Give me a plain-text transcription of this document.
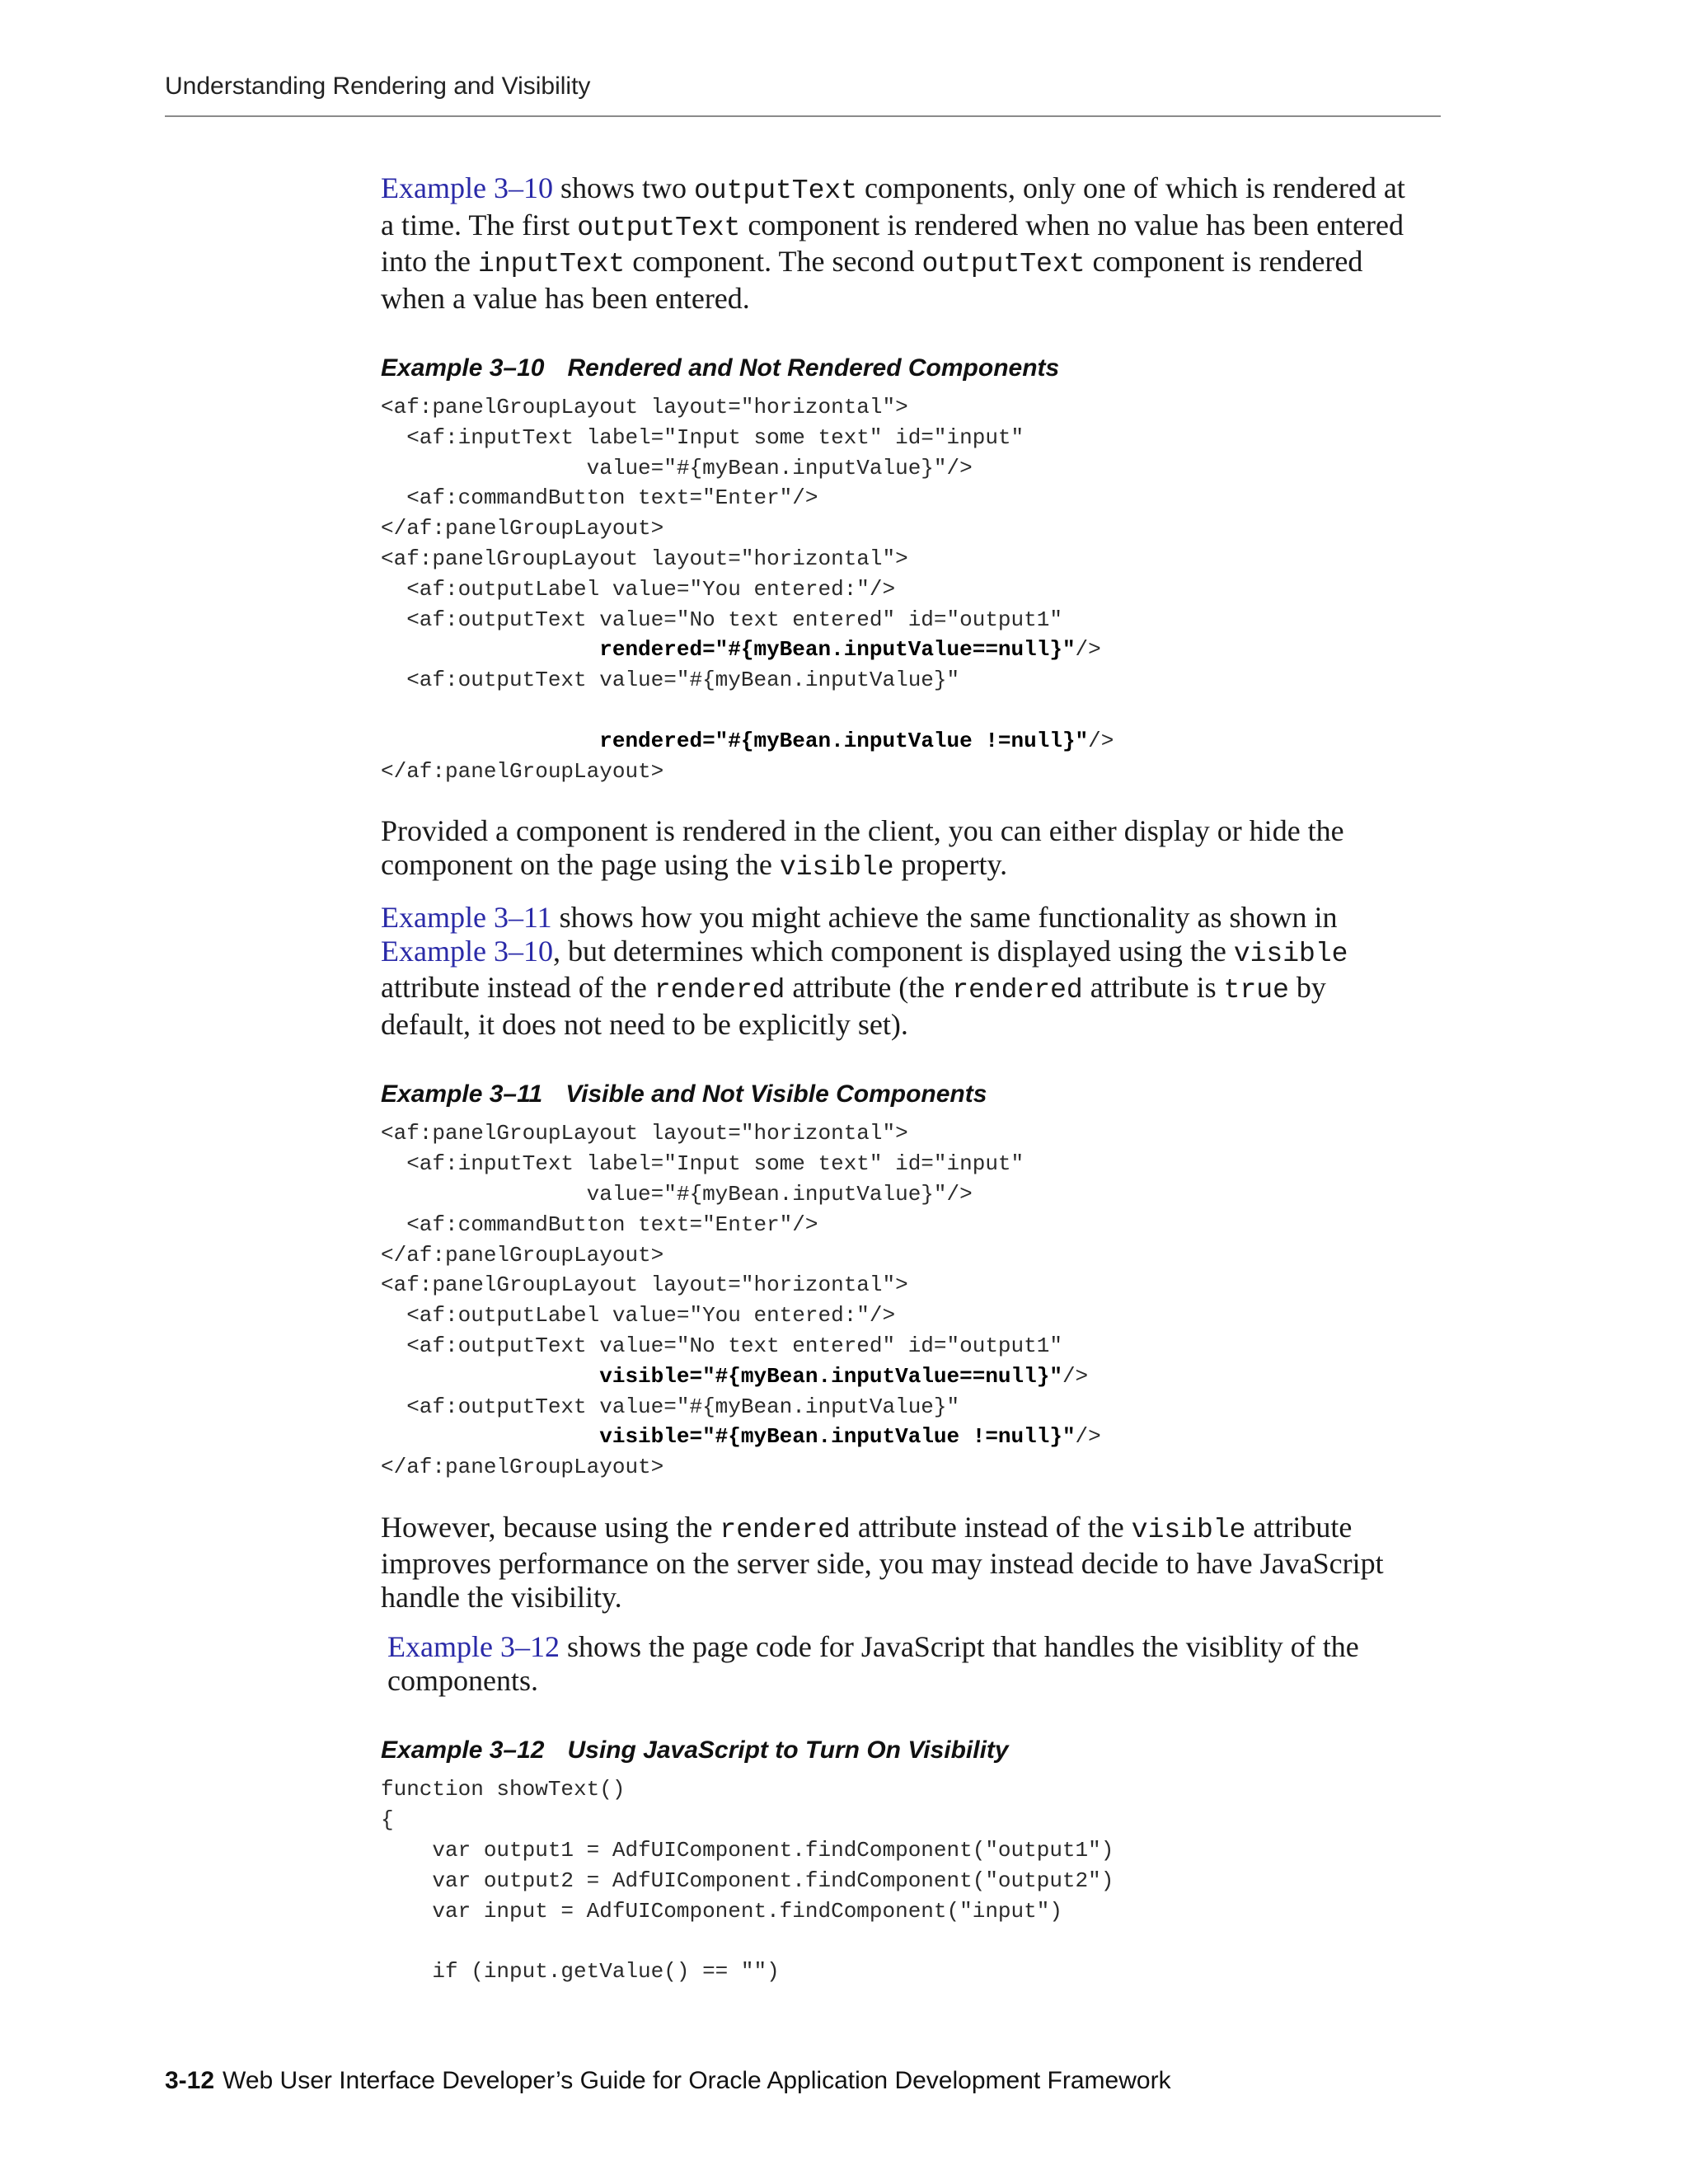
Understanding Rendering and Visibility

Example 3–10 shows two outputText components, only one of which is rendered at
a time. The first outputText component is rendered when no value has been entered
into the inputText component. The second outputText component is rendered
when a value has been entered.

Example 3–10 Rendered and Not Rendered Components

<af:panelGroupLayout layout="horizontal">
<af:inputText label="Input some text" id="input"
value="#{myBean.inputValue}"/>
<af:commandButton text="Enter"/>
</af:panelGroupLayout>
<af:panelGroupLayout layout="horizontal">
<af:outputLabel value="You entered:"/>
<af:outputText value="No text entered" id="output1"
rendered="#{myBean.inputValue==null}"/>
<af:outputText value="#{myBean.inputValue}"

rendered="#{myBean.inputValue !=null}"/>
</af:panelGroupLayout>

Provided a component is rendered in the client, you can either display or hide the
component on the page using the visible property.

Example 3–11 shows how you might achieve the same functionality as shown in
Example 3–10, but determines which component is displayed using the visible
attribute instead of the rendered attribute (the rendered attribute is true by
default, it does not need to be explicitly set).

Example 3–11 Visible and Not Visible Components

<af:panelGroupLayout layout="horizontal">
<af:inputText label="Input some text" id="input"
value="#{myBean.inputValue}"/>
<af:commandButton text="Enter"/>
</af:panelGroupLayout>
<af:panelGroupLayout layout="horizontal">
<af:outputLabel value="You entered:"/>
<af:outputText value="No text entered" id="output1"
visible="#{myBean.inputValue==null}"/>
<af:outputText value="#{myBean.inputValue}"
visible="#{myBean.inputValue !=null}"/>
</af:panelGroupLayout>

However, because using the rendered attribute instead of the visible attribute
improves performance on the server side, you may instead decide to have JavaScript
handle the visibility.

Example 3–12 shows the page code for JavaScript that handles the visiblity of the
components.

Example 3–12 Using JavaScript to Turn On Visibility

function showText()
{
var output1 = AdfUIComponent.findComponent("output1")
var output2 = AdfUIComponent.findComponent("output2")
var input = AdfUIComponent.findComponent("input")

if (input.getValue() == "")
3-12 Web User Interface Developer’s Guide for Oracle Application Development Framework
